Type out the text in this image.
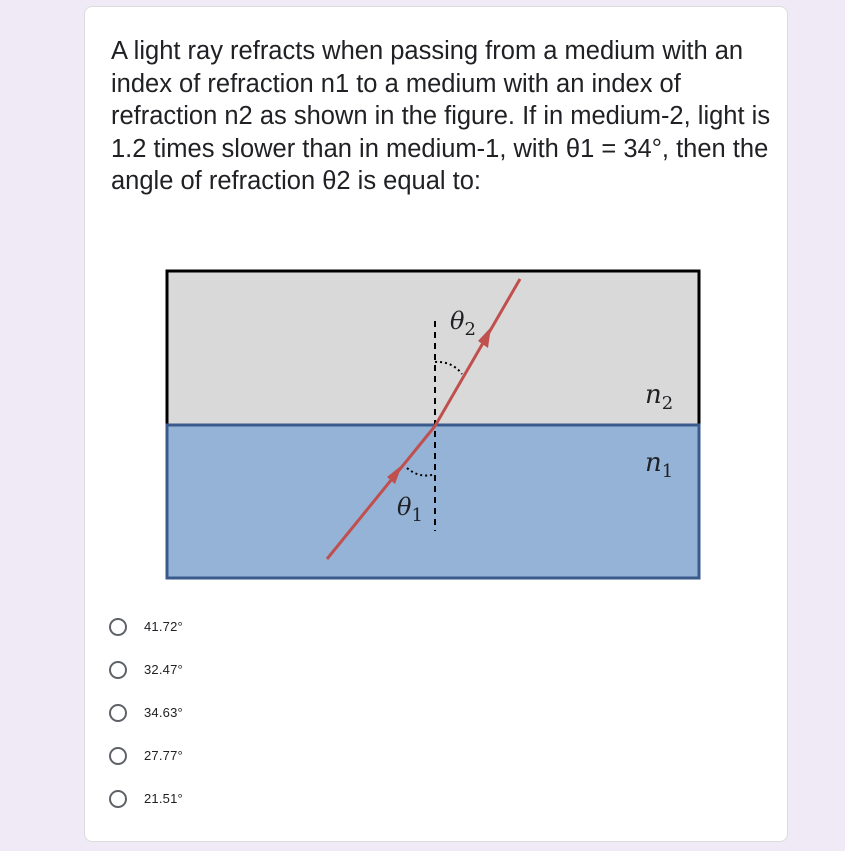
A light ray refracts when passing from a medium with an index of refraction n1 to a medium with an index of refraction n2 as shown in the figure. If in medium-2, light is 1.2 times slower than in medium-1, with θ1 = 34°, then the angle of refraction θ2 is equal to:

$\theta_2$
$\theta_1$
$n_2$
$n_1$
41.72°
32.47°
34.63°
27.77°
21.51°
